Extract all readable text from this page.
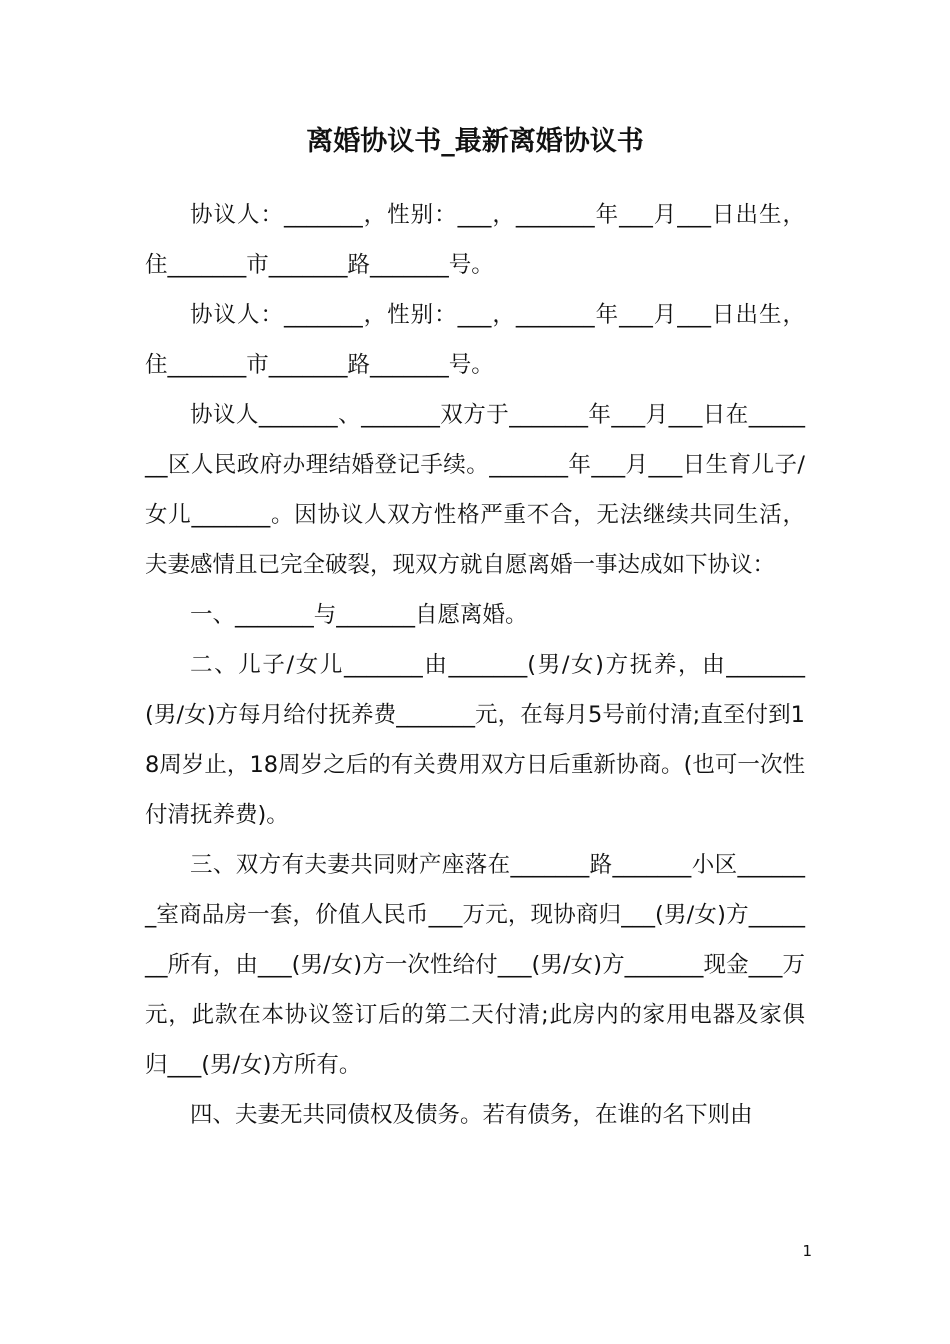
离婚协议书_最新离婚协议书

协议人：_______，性别：___，_______年___月___日出生，住_______市_______路_______号。

协议人：_______，性别：___，_______年___月___日出生，住_______市_______路_______号。

协议人_______、_______双方于_______年___月___日在_______区人民政府办理结婚登记手续。_______年___月___日生育儿子/女儿_______。因协议人双方性格严重不合，无法继续共同生活，夫妻感情且已完全破裂，现双方就自愿离婚一事达成如下协议：

一、_______与_______自愿离婚。

二、儿子/女儿_______由_______(男/女)方抚养，由_______(男/女)方每月给付抚养费_______元，在每月5号前付清;直至付到18周岁止，18周岁之后的有关费用双方日后重新协商。(也可一次性付清抚养费)。

三、双方有夫妻共同财产座落在_______路_______小区_______室商品房一套，价值人民币___万元，现协商归___(男/女)方_______所有，由___(男/女)方一次性给付___(男/女)方_______现金___万元，此款在本协议签订后的第二天付清;此房内的家用电器及家俱归___(男/女)方所有。

四、夫妻无共同债权及债务。若有债务，在谁的名下则由

1
